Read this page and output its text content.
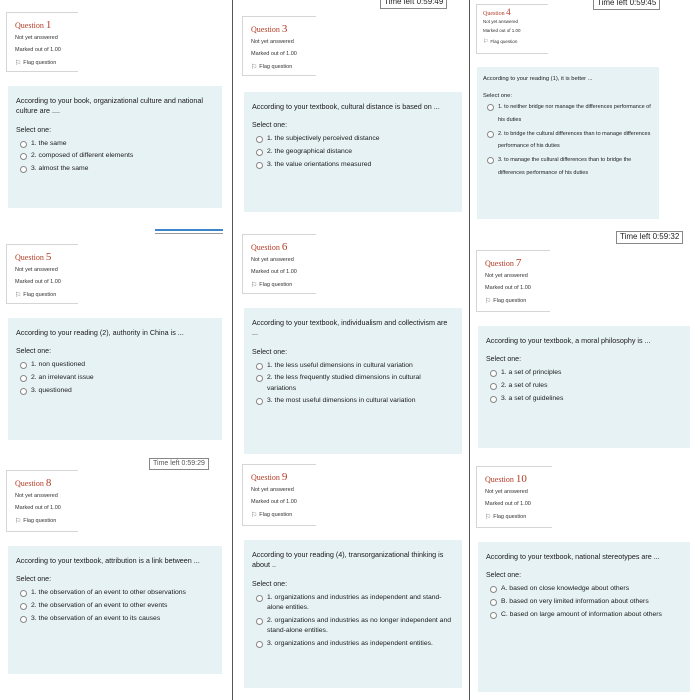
Time left 0:59:49	Time left 0:59:45
Time left 0:59:32
Time left 0:59:29
Question 1
Not yet answered
Marked out of 1.00
⚐ Flag question
According to your book, organizational culture and national culture are ....
Select one:
1. the same
2. composed of different elements
3. almost the same
Question 3
Not yet answered
Marked out of 1.00
⚐ Flag question
According to your textbook, cultural distance is based on ...
Select one:
1. the subjectively perceived distance
2. the geographical distance
3. the value orientations measured
Question 4
Not yet answered
Marked out of 1.00
⚐ Flag question
According to your reading (1), it is better ...
Select one:
1. to neither bridge nor manage the differences performance of his duties
2. to bridge the cultural differences than to manage differences performance of his duties
3. to manage the cultural differences than to bridge the differences performance of his duties
Question 5
Not yet answered
Marked out of 1.00
⚐ Flag question
According to your reading (2), authority in China is ...
Select one:
1. non questioned
2. an irrelevant issue
3. questioned
Question 6
Not yet answered
Marked out of 1.00
⚐ Flag question
According to your textbook, individualism and collectivism are ...
Select one:
1. the less useful dimensions in cultural variation
2. the less frequently studied dimensions in cultural variations
3. the most useful dimensions in cultural variation
Question 7
Not yet answered
Marked out of 1.00
⚐ Flag question
According to your textbook, a moral philosophy is ...
Select one:
1. a set of principles
2. a set of rules
3. a set of guidelines
Question 8
Not yet answered
Marked out of 1.00
⚐ Flag question
According to your textbook, attribution is a link between ...
Select one:
1. the observation of an event to other observations
2. the observation of an event to other events
3. the observation of an event to its causes
Question 9
Not yet answered
Marked out of 1.00
⚐ Flag question
According to your reading (4), transorganizational thinking is about ..
Select one:
1. organizations and industries as independent and stand-alone entities.
2. organizations and industries as no longer independent and stand-alone entities.
3. organizations and industries as independent entities.
Question 10
Not yet answered
Marked out of 1.00
⚐ Flag question
According to your textbook, national stereotypes are ...
Select one:
A. based on close knowledge about others
B. based on very limited information about others
C. based on large amount of information about others
